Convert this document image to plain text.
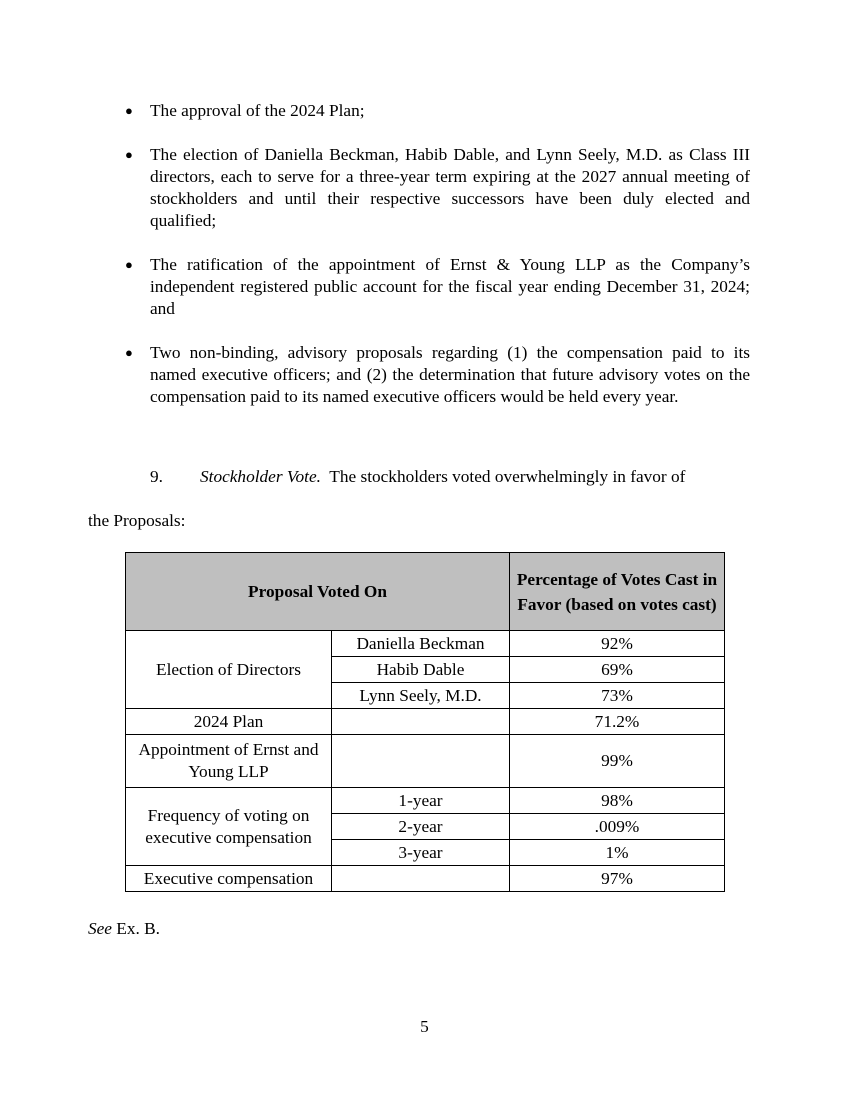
● The approval of the 2024 Plan;
● The election of Daniella Beckman, Habib Dable, and Lynn Seely, M.D. as Class III directors, each to serve for a three-year term expiring at the 2027 annual meeting of stockholders and until their respective successors have been duly elected and qualified;
● The ratification of the appointment of Ernst & Young LLP as the Company’s independent registered public account for the fiscal year ending December 31, 2024; and
● Two non-binding, advisory proposals regarding (1) the compensation paid to its named executive officers; and (2) the determination that future advisory votes on the compensation paid to its named executive officers would be held every year.
9. Stockholder Vote. The stockholders voted overwhelmingly in favor of
the Proposals:
Proposal Voted On		Percentage of Votes Cast in Favor (based on votes cast)
Election of Directors	Daniella Beckman	92%
	Habib Dable	69%
	Lynn Seely, M.D.	73%
2024 Plan		71.2%
Appointment of Ernst and Young LLP		99%
Frequency of voting on executive compensation	1-year	98%
	2-year	.009%
	3-year	1%
Executive compensation		97%
See Ex. B.
5
